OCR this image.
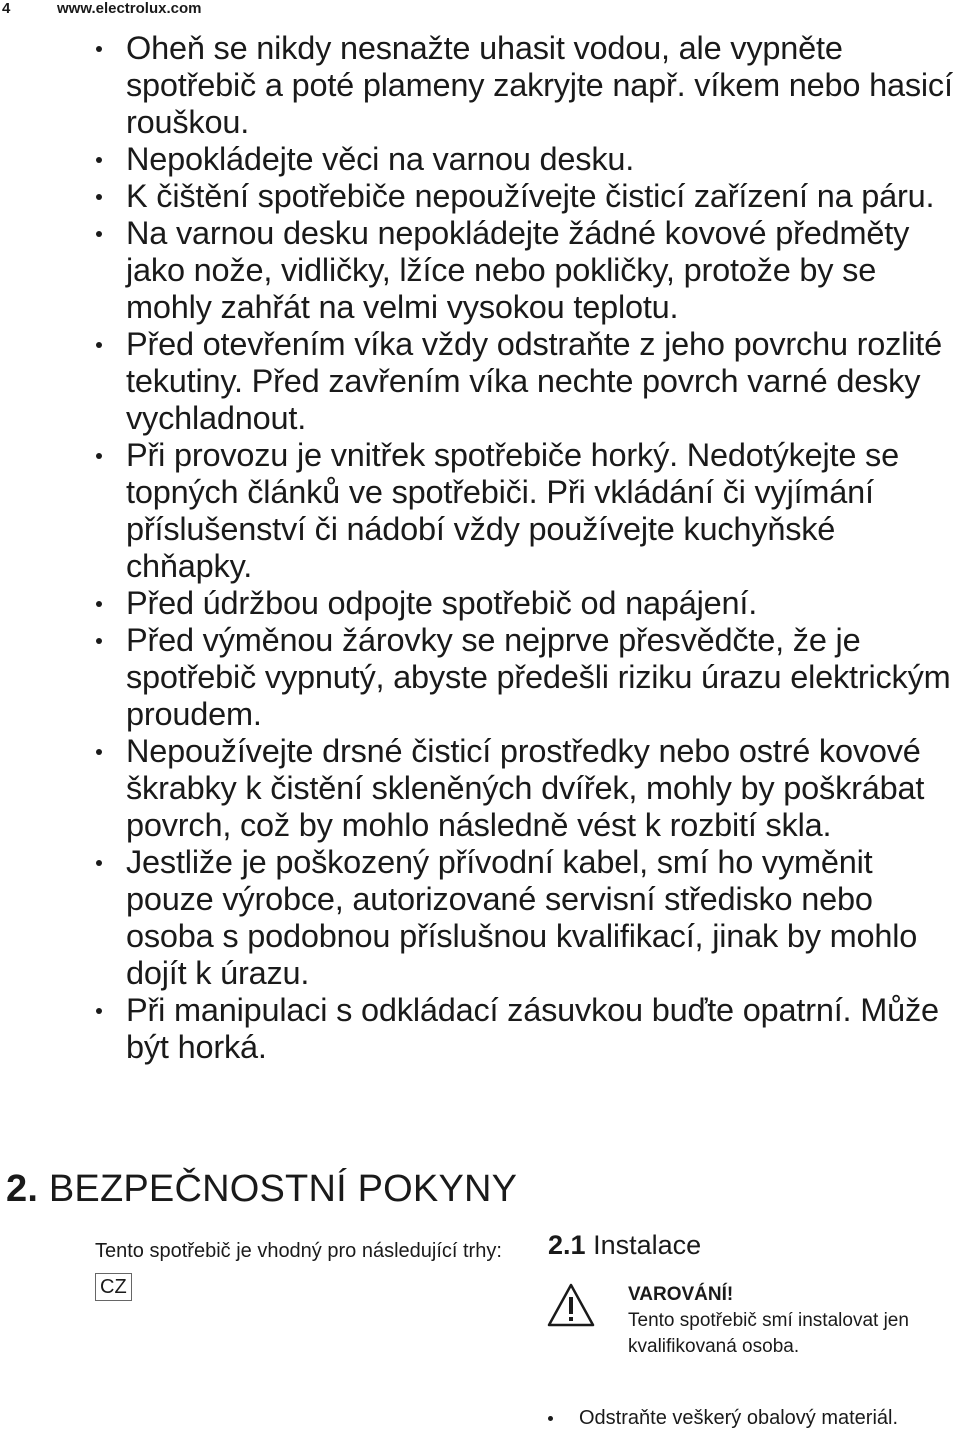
4	www.electrolux.com
Oheň se nikdy nesnažte uhasit vodou, ale vypněte spotřebič a poté plameny zakryjte např. víkem nebo hasicí rouškou.
Nepokládejte věci na varnou desku.
K čištění spotřebiče nepoužívejte čisticí zařízení na páru.
Na varnou desku nepokládejte žádné kovové předměty jako nože, vidličky, lžíce nebo pokličky, protože by se mohly zahřát na velmi vysokou teplotu.
Před otevřením víka vždy odstraňte z jeho povrchu rozlité tekutiny. Před zavřením víka nechte povrch varné desky vychladnout.
Při provozu je vnitřek spotřebiče horký. Nedotýkejte se topných článků ve spotřebiči. Při vkládání či vyjímání příslušenství či nádobí vždy používejte kuchyňské chňapky.
Před údržbou odpojte spotřebič od napájení.
Před výměnou žárovky se nejprve přesvědčte, že je spotřebič vypnutý, abyste předešli riziku úrazu elektrickým proudem.
Nepoužívejte drsné čisticí prostředky nebo ostré kovové škrabky k čistění skleněných dvířek, mohly by poškrábat povrch, což by mohlo následně vést k rozbití skla.
Jestliže je poškozený přívodní kabel, smí ho vyměnit pouze výrobce, autorizované servisní středisko nebo osoba s podobnou příslušnou kvalifikací, jinak by mohlo dojít k úrazu.
Při manipulaci s odkládací zásuvkou buďte opatrní. Může být horká.
2. BEZPEČNOSTNÍ POKYNY
Tento spotřebič je vhodný pro následující trhy: CZ
2.1 Instalace
VAROVÁNÍ!
Tento spotřebič smí instalovat jen kvalifikovaná osoba.
Odstraňte veškerý obalový materiál.
